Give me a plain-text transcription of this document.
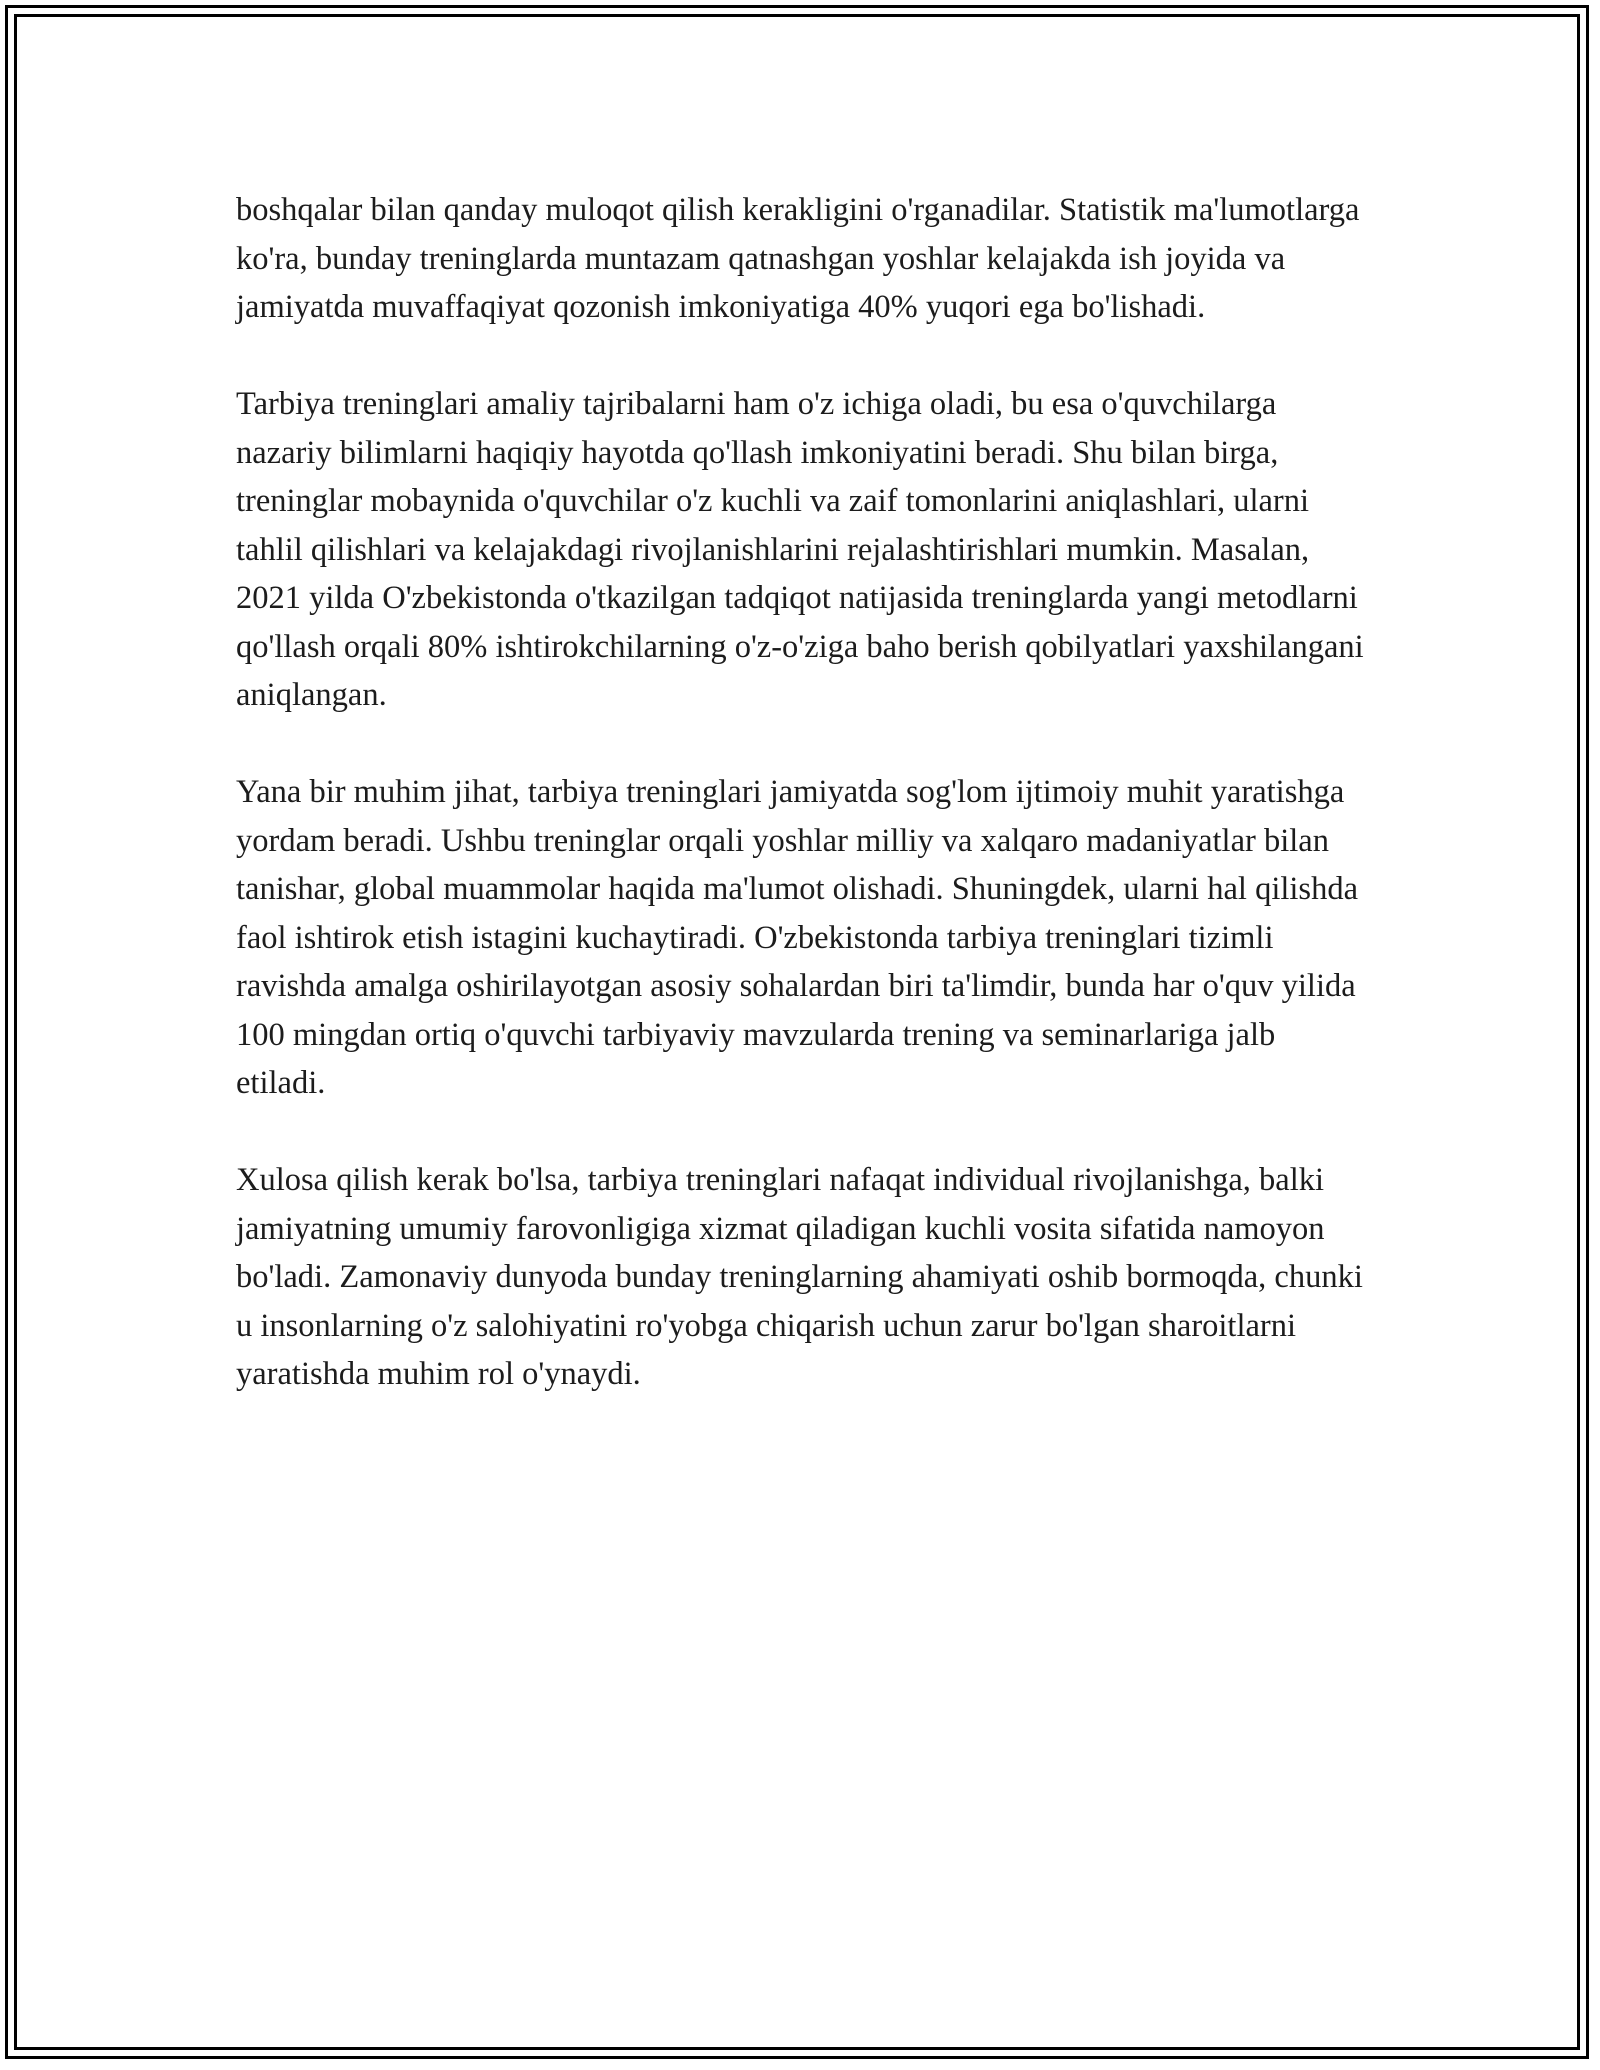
boshqalar bilan qanday muloqot qilish kerakligini o'rganadilar. Statistik ma'lumotlarga ko'ra, bunday treninglarda muntazam qatnashgan yoshlar kelajakda ish joyida va jamiyatda muvaffaqiyat qozonish imkoniyatiga 40% yuqori ega bo'lishadi.

Tarbiya treninglari amaliy tajribalarni ham o'z ichiga oladi, bu esa o'quvchilarga nazariy bilimlarni haqiqiy hayotda qo'llash imkoniyatini beradi. Shu bilan birga, treninglar mobaynida o'quvchilar o'z kuchli va zaif tomonlarini aniqlashlari, ularni tahlil qilishlari va kelajakdagi rivojlanishlarini rejalashtirishlari mumkin. Masalan, 2021 yilda O'zbekistonda o'tkazilgan tadqiqot natijasida treninglarda yangi metodlarni qo'llash orqali 80% ishtirokchilarning o'z-o'ziga baho berish qobilyatlari yaxshilangani aniqlangan.

Yana bir muhim jihat, tarbiya treninglari jamiyatda sog'lom ijtimoiy muhit yaratishga yordam beradi. Ushbu treninglar orqali yoshlar milliy va xalqaro madaniyatlar bilan tanishar, global muammolar haqida ma'lumot olishadi. Shuningdek, ularni hal qilishda faol ishtirok etish istagini kuchaytiradi. O'zbekistonda tarbiya treninglari tizimli ravishda amalga oshirilayotgan asosiy sohalardan biri ta'limdir, bunda har o'quv yilida 100 mingdan ortiq o'quvchi tarbiyaviy mavzularda trening va seminarlariga jalb etiladi.

Xulosa qilish kerak bo'lsa, tarbiya treninglari nafaqat individual rivojlanishga, balki jamiyatning umumiy farovonligiga xizmat qiladigan kuchli vosita sifatida namoyon bo'ladi. Zamonaviy dunyoda bunday treninglarning ahamiyati oshib bormoqda, chunki u insonlarning o'z salohiyatini ro'yobga chiqarish uchun zarur bo'lgan sharoitlarni yaratishda muhim rol o'ynaydi.
